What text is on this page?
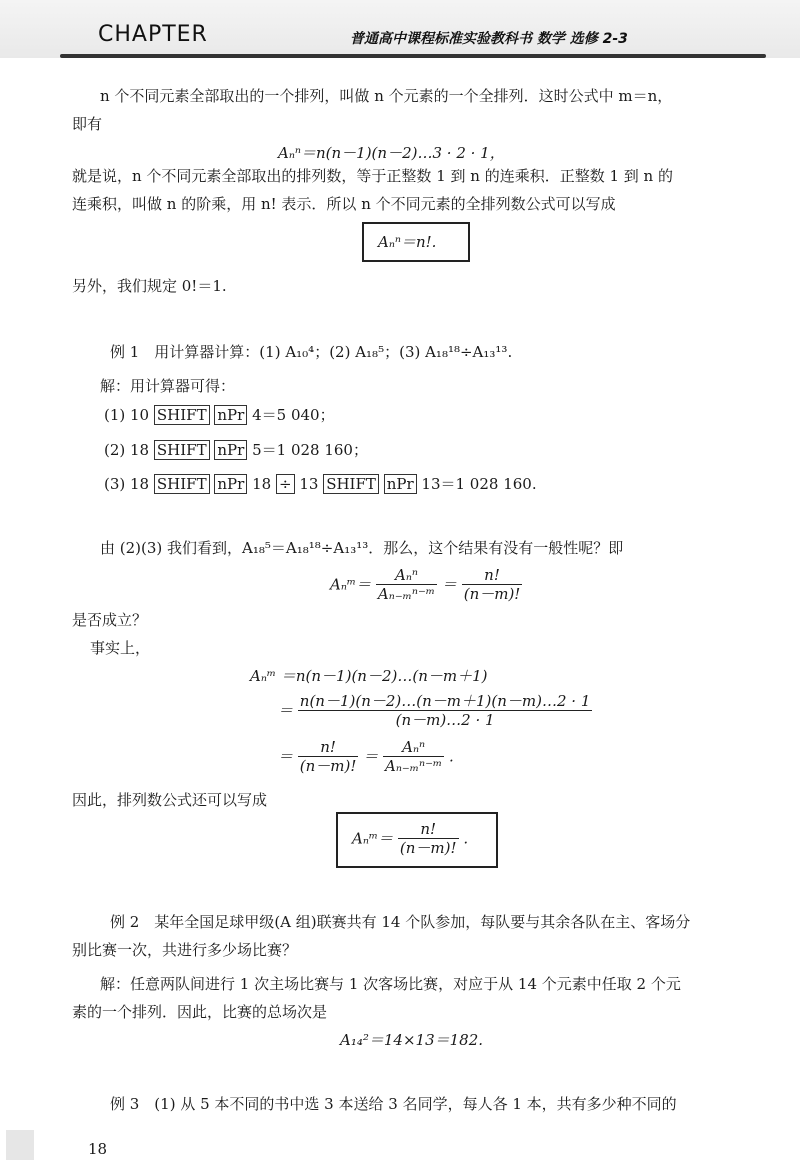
CHAPTER	普通高中课程标准实验教科书 数学 选修 2-3
n 个不同元素全部取出的一个排列，叫做 n 个元素的一个全排列．这时公式中 m＝n，
即有
Aₙⁿ＝n(n－1)(n－2)…3 · 2 · 1，
就是说，n 个不同元素全部取出的排列数，等于正整数 1 到 n 的连乘积．正整数 1 到 n 的
连乘积，叫做 n 的阶乘，用 n! 表示．所以 n 个不同元素的全排列数公式可以写成
Aₙⁿ＝n!.
另外，我们规定 0!＝1.
例 1　用计算器计算：(1) A₁₀⁴；(2) A₁₈⁵；(3) A₁₈¹⁸÷A₁₃¹³.
解：用计算器可得：
(1) 10 SHIFT nPr 4＝5 040；
(2) 18 SHIFT nPr 5＝1 028 160；
(3) 18 SHIFT nPr 18 ÷ 13 SHIFT nPr 13＝1 028 160.
由 (2)(3) 我们看到，A₁₈⁵＝A₁₈¹⁸÷A₁₃¹³．那么，这个结果有没有一般性呢？即
Aₙᵐ＝ $\frac{\text{Aₙⁿ}}{\text{Aₙ₋ₘⁿ⁻ᵐ}} = \frac{n!}{(n-m)!}$
是否成立？
事实上，
Aₙᵐ ＝n(n－1)(n－2)…(n－m＋1)
＝ $\frac{n(n-1)(n-2)\dots(n-m+1)(n-m)\dots 2 \cdot 1}{(n-m)\dots 2 \cdot 1}$
＝ $\frac{n!}{(n-m)!} = \frac{\text{Aₙⁿ}}{\text{Aₙ₋ₘⁿ⁻ᵐ}}$ .
因此，排列数公式还可以写成
Aₙᵐ＝ $\frac{n!}{(n-m)!}$ .
例 2　某年全国足球甲级(A 组)联赛共有 14 个队参加，每队要与其余各队在主、客场分
别比赛一次，共进行多少场比赛？
解：任意两队间进行 1 次主场比赛与 1 次客场比赛，对应于从 14 个元素中任取 2 个元
素的一个排列．因此，比赛的总场次是
A₁₄²＝14×13＝182.
例 3　(1) 从 5 本不同的书中选 3 本送给 3 名同学，每人各 1 本，共有多少种不同的
18
